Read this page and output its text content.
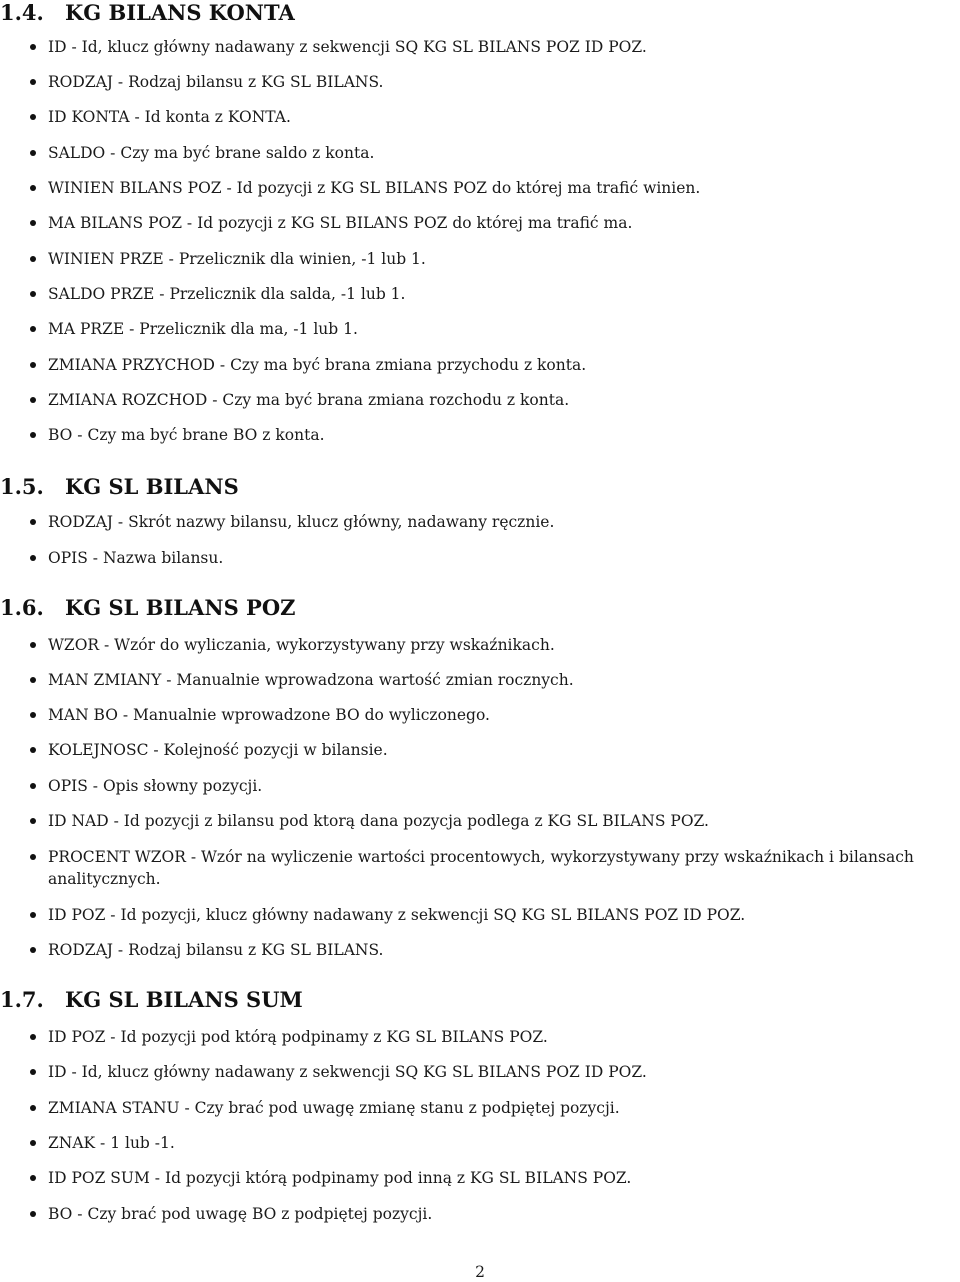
1.4. KG BILANS KONTA
ID - Id, klucz główny nadawany z sekwencji SQ KG SL BILANS POZ ID POZ.
RODZAJ - Rodzaj bilansu z KG SL BILANS.
ID KONTA - Id konta z KONTA.
SALDO - Czy ma być brane saldo z konta.
WINIEN BILANS POZ - Id pozycji z KG SL BILANS POZ do której ma trafić winien.
MA BILANS POZ - Id pozycji z KG SL BILANS POZ do której ma trafić ma.
WINIEN PRZE - Przelicznik dla winien, -1 lub 1.
SALDO PRZE - Przelicznik dla salda, -1 lub 1.
MA PRZE - Przelicznik dla ma, -1 lub 1.
ZMIANA PRZYCHOD - Czy ma być brana zmiana przychodu z konta.
ZMIANA ROZCHOD - Czy ma być brana zmiana rozchodu z konta.
BO - Czy ma być brane BO z konta.
1.5. KG SL BILANS
RODZAJ - Skrót nazwy bilansu, klucz główny, nadawany ręcznie.
OPIS - Nazwa bilansu.
1.6. KG SL BILANS POZ
WZOR - Wzór do wyliczania, wykorzystywany przy wskaźnikach.
MAN ZMIANY - Manualnie wprowadzona wartość zmian rocznych.
MAN BO - Manualnie wprowadzone BO do wyliczonego.
KOLEJNOSC - Kolejność pozycji w bilansie.
OPIS - Opis słowny pozycji.
ID NAD - Id pozycji z bilansu pod ktorą dana pozycja podlega z KG SL BILANS POZ.
PROCENT WZOR - Wzór na wyliczenie wartości procentowych, wykorzystywany przy wskaźnikach i bilansach
analitycznych.
ID POZ - Id pozycji, klucz główny nadawany z sekwencji SQ KG SL BILANS POZ ID POZ.
RODZAJ - Rodzaj bilansu z KG SL BILANS.
1.7. KG SL BILANS SUM
ID POZ - Id pozycji pod którą podpinamy z KG SL BILANS POZ.
ID - Id, klucz główny nadawany z sekwencji SQ KG SL BILANS POZ ID POZ.
ZMIANA STANU - Czy brać pod uwagę zmianę stanu z podpiętej pozycji.
ZNAK - 1 lub -1.
ID POZ SUM - Id pozycji którą podpinamy pod inną z KG SL BILANS POZ.
BO - Czy brać pod uwagę BO z podpiętej pozycji.
2
